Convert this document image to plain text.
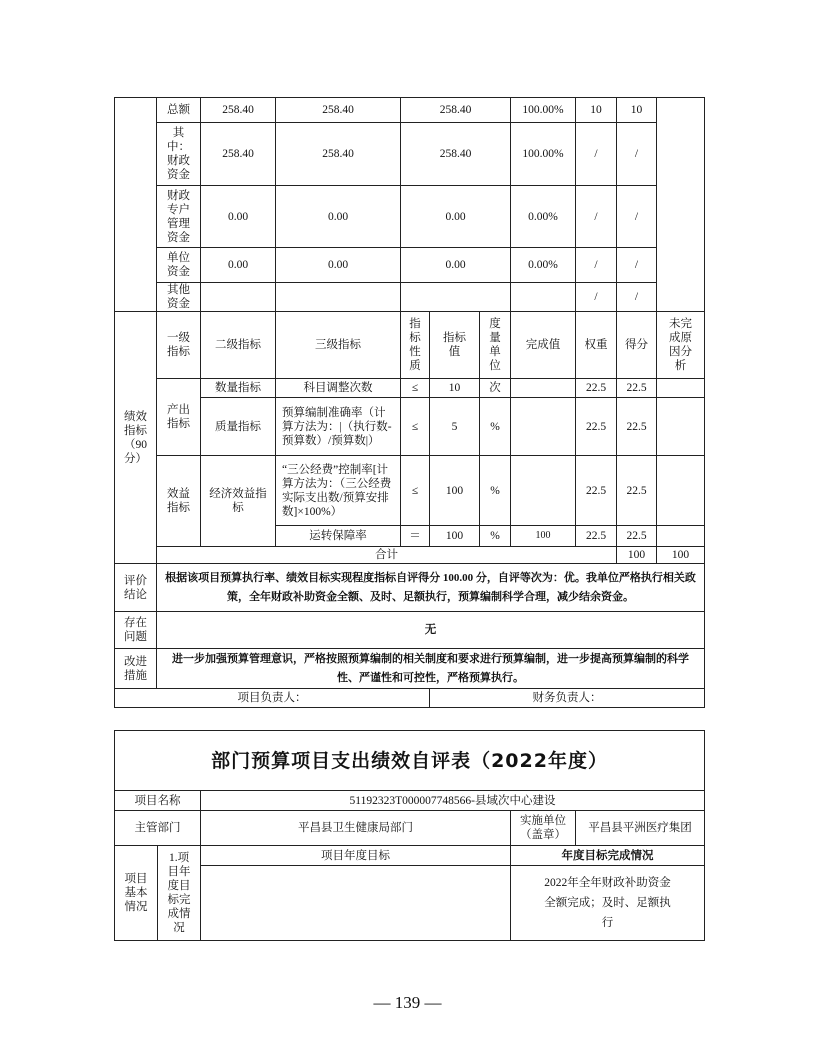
	总额	258.40	258.40	258.40			100.00%	10	10		
	其中：财政资金	258.40	258.40	258.40			100.00%	/	/		
	财政专户管理资金	0.00	0.00	0.00			0.00%	/	/		
	单位资金	0.00	0.00	0.00			0.00%	/	/		
	其他资金							/	/		
绩效指标（90分）	一级指标	二级指标	三级指标	指标性质	指标值	度量单位	完成值	权重	得分	未完成原因分析	
	产出指标	数量指标	科目调整次数	≤	10	次		22.5	22.5		
		质量指标	预算编制准确率（计算方法为：|（执行数-预算数）/预算数|）	≤	5	%		22.5	22.5		
	效益指标	经济效益指标	“三公经费”控制率[计算方法为：（三公经费实际支出数/预算安排数]×100%）	≤	100	%		22.5	22.5		
			运转保障率	＝	100	%	100	22.5	22.5		
	合计								100	100	
评价结论	根据该项目预算执行率、绩效目标实现程度指标自评得分 100.00 分，自评等次为：优。我单位严格执行相关政策，全年财政补助资金全额、及时、足额执行，预算编制科学合理，减少结余资金。										
存在问题	无										
改进措施	进一步加强预算管理意识，严格按照预算编制的相关制度和要求进行预算编制，进一步提高预算编制的科学性、严谨性和可控性，严格预算执行。										
项目负责人：					财务负责人：						
部门预算项目支出绩效自评表（2022年度）				
项目名称		51192323T000007748566-县域次中心建设		
主管部门		平昌县卫生健康局部门	实施单位（盖章）	平昌县平洲医疗集团
项目基本情况	1.项目年度目标完成情况	项目年度目标	年度目标完成情况	
			2022年全年财政补助资金全额完成；及时、足额执行	
— 139 —
